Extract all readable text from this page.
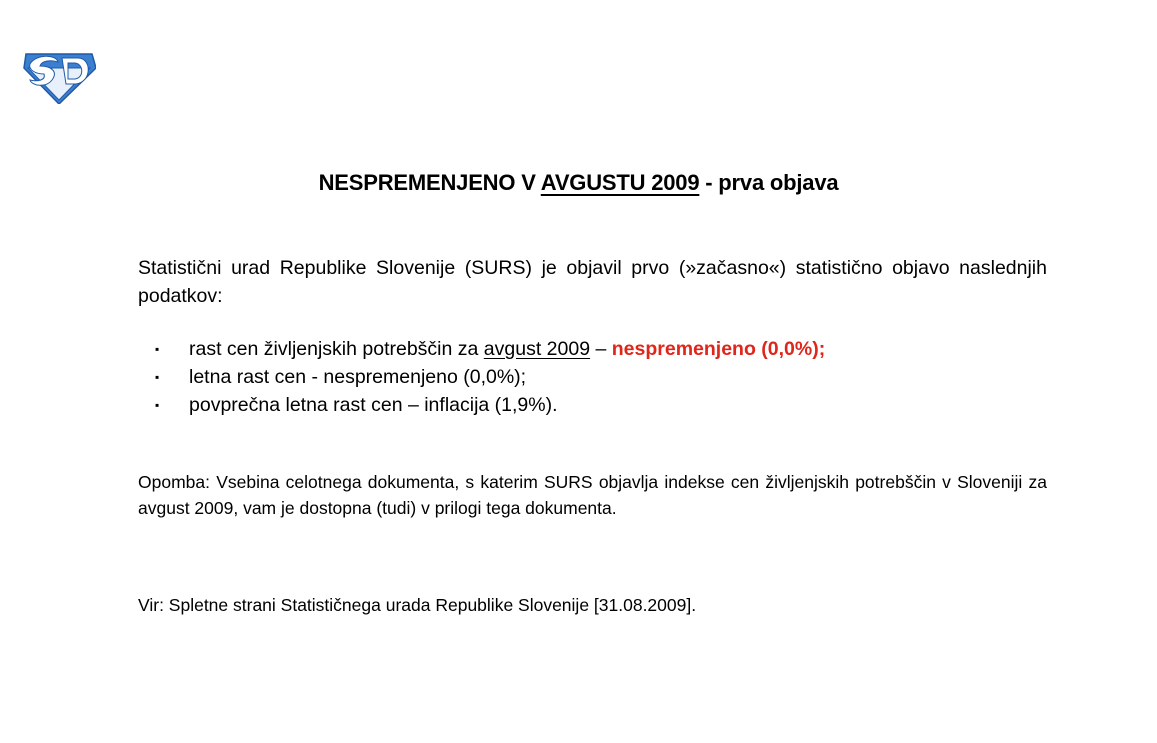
NESPREMENJENO V AVGUSTU 2009 - prva objava
Statistični urad Republike Slovenije (SURS) je objavil prvo (»začasno«) statistično objavo naslednjih podatkov:
▪ rast cen življenjskih potrebščin za avgust 2009 – nespremenjeno (0,0%);
▪ letna rast cen - nespremenjeno (0,0%);
▪ povprečna letna rast cen – inflacija (1,9%).
Opomba: Vsebina celotnega dokumenta, s katerim SURS objavlja indekse cen življenjskih potrebščin v Sloveniji za avgust 2009, vam je dostopna (tudi) v prilogi tega dokumenta.
Vir: Spletne strani Statističnega urada Republike Slovenije [31.08.2009].
